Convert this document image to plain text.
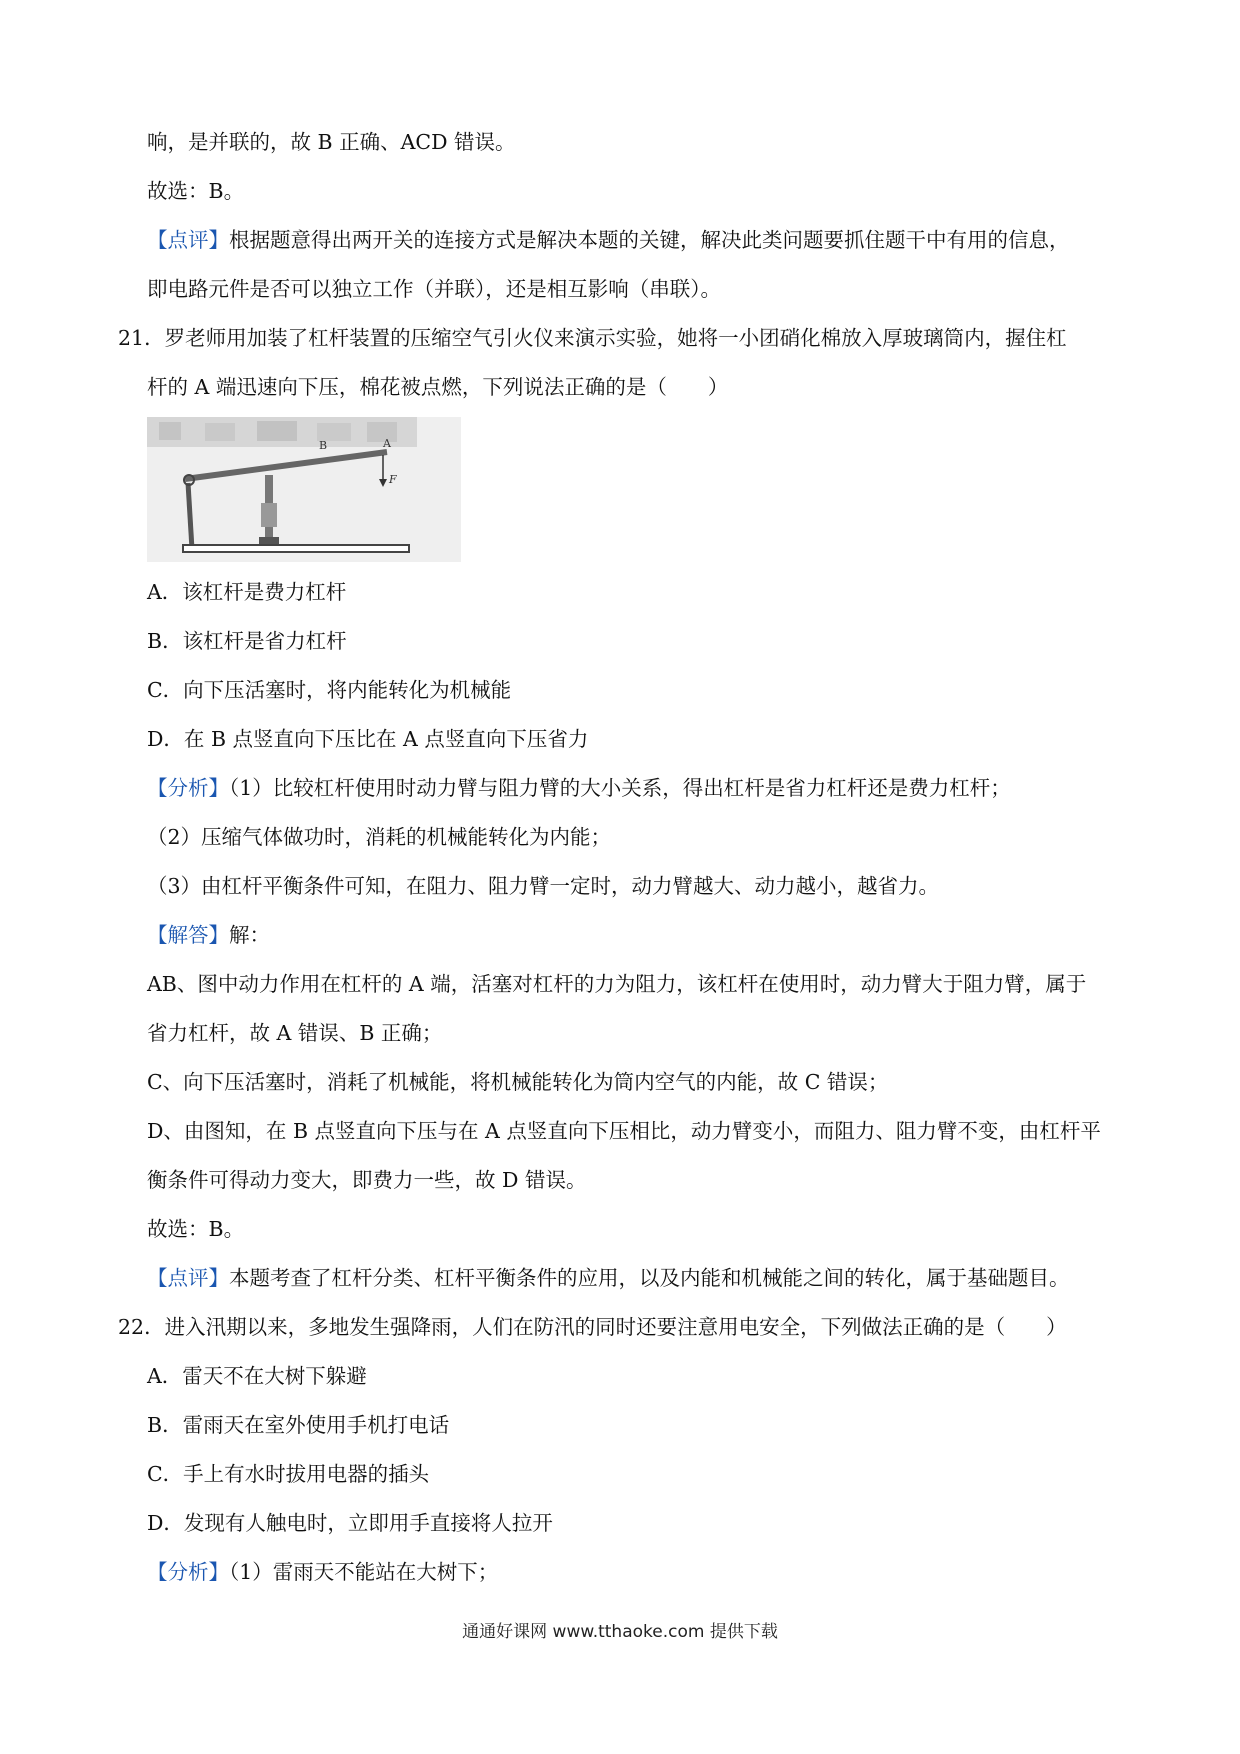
响，是并联的，故 B 正确、ACD 错误。
故选：B。
【点评】根据题意得出两开关的连接方式是解决本题的关键，解决此类问题要抓住题干中有用的信息，
即电路元件是否可以独立工作（并联），还是相互影响（串联）。
21．罗老师用加装了杠杆装置的压缩空气引火仪来演示实验，她将一小团硝化棉放入厚玻璃筒内，握住杠
杆的 A 端迅速向下压，棉花被点燃，下列说法正确的是（　　）
B	A
F
A．该杠杆是费力杠杆
B．该杠杆是省力杠杆
C．向下压活塞时，将内能转化为机械能
D．在 B 点竖直向下压比在 A 点竖直向下压省力
【分析】（1）比较杠杆使用时动力臂与阻力臂的大小关系，得出杠杆是省力杠杆还是费力杠杆；
（2）压缩气体做功时，消耗的机械能转化为内能；
（3）由杠杆平衡条件可知，在阻力、阻力臂一定时，动力臂越大、动力越小，越省力。
【解答】解：
AB、图中动力作用在杠杆的 A 端，活塞对杠杆的力为阻力，该杠杆在使用时，动力臂大于阻力臂，属于
省力杠杆，故 A 错误、B 正确；
C、向下压活塞时，消耗了机械能，将机械能转化为筒内空气的内能，故 C 错误；
D、由图知，在 B 点竖直向下压与在 A 点竖直向下压相比，动力臂变小，而阻力、阻力臂不变，由杠杆平
衡条件可得动力变大，即费力一些，故 D 错误。
故选：B。
【点评】本题考查了杠杆分类、杠杆平衡条件的应用，以及内能和机械能之间的转化，属于基础题目。
22．进入汛期以来，多地发生强降雨，人们在防汛的同时还要注意用电安全，下列做法正确的是（　　）
A．雷天不在大树下躲避
B．雷雨天在室外使用手机打电话
C．手上有水时拔用电器的插头
D．发现有人触电时，立即用手直接将人拉开
【分析】（1）雷雨天不能站在大树下；
通通好课网 www.tthaoke.com 提供下载
